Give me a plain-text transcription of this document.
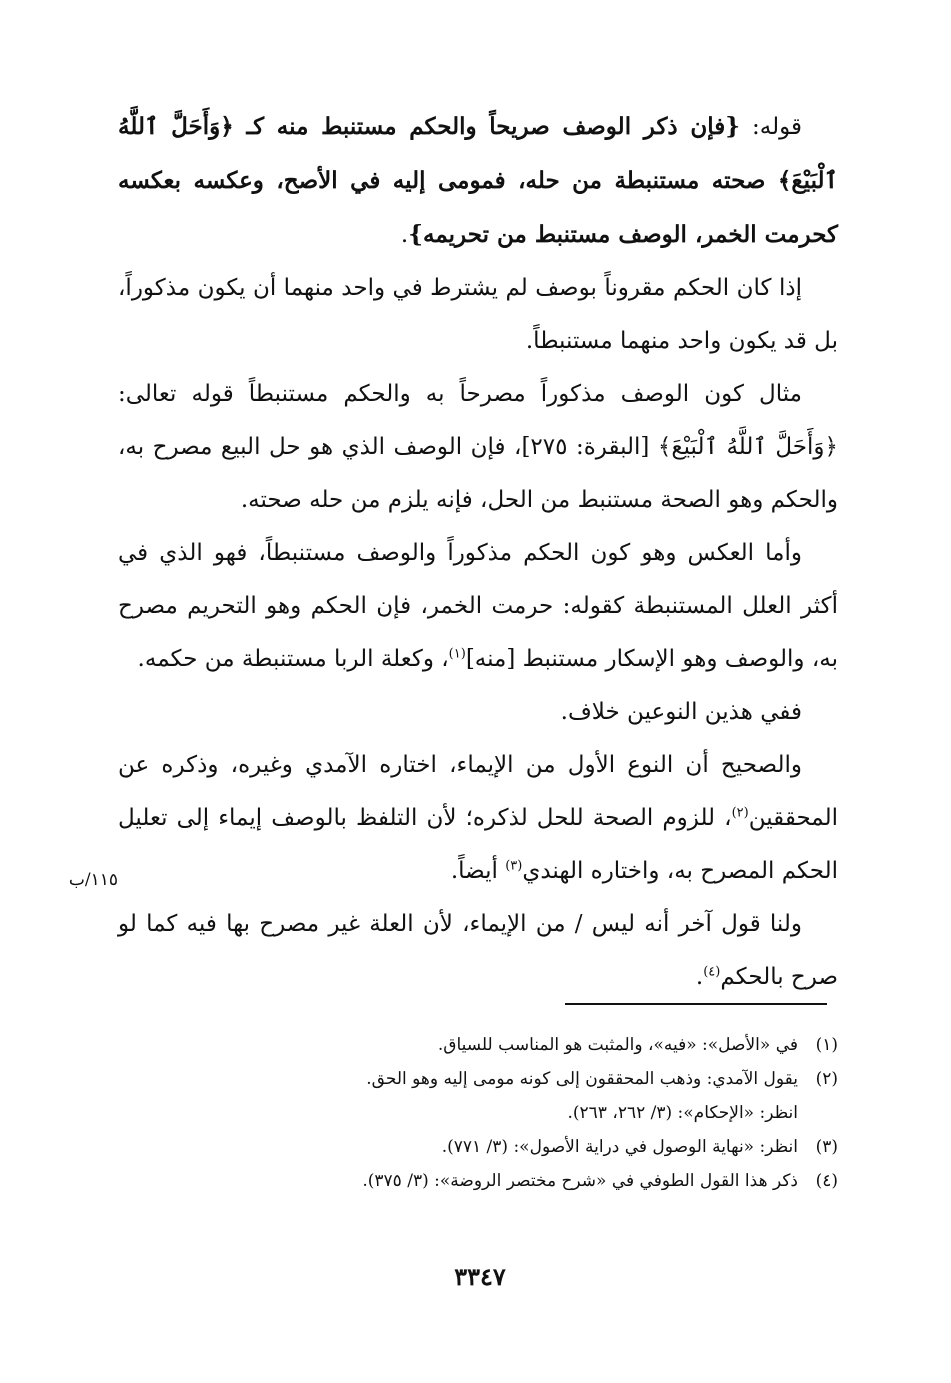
قوله: {فإن ذكر الوصف صريحاً والحكم مستنبط منه كـ ﴿وَأَحَلَّ ٱللَّهُ ٱلْبَيْعَ﴾ صحته مستنبطة من حله، فمومى إليه في الأصح، وعكسه بعكسه كحرمت الخمر، الوصف مستنبط من تحريمه}.

إذا كان الحكم مقروناً بوصف لم يشترط في واحد منهما أن يكون مذكوراً، بل قد يكون واحد منهما مستنبطاً.

مثال كون الوصف مذكوراً مصرحاً به والحكم مستنبطاً قوله تعالى: ﴿وَأَحَلَّ ٱللَّهُ ٱلْبَيْعَ﴾ [البقرة: ٢٧٥]، فإن الوصف الذي هو حل البيع مصرح به، والحكم وهو الصحة مستنبط من الحل، فإنه يلزم من حله صحته.

وأما العكس وهو كون الحكم مذكوراً والوصف مستنبطاً، فهو الذي في أكثر العلل المستنبطة كقوله: حرمت الخمر، فإن الحكم وهو التحريم مصرح به، والوصف وهو الإسكار مستنبط [منه]$^{(١)}$، وكعلة الربا مستنبطة من حكمه.

ففي هذين النوعين خلاف.

والصحيح أن النوع الأول من الإيماء، اختاره الآمدي وغيره، وذكره عن المحققين$^{(٢)}$، للزوم الصحة للحل لذكره؛ لأن التلفظ بالوصف إيماء إلى تعليل الحكم المصرح به، واختاره الهندي$^{(٣)}$ أيضاً.

ولنا قول آخر أنه ليس / من الإيماء، لأن العلة غير مصرح بها فيه كما لو صرح بالحكم$^{(٤)}$.

١١٥/ب
(١)
في «الأصل»: «فيه»، والمثبت هو المناسب للسياق.
(٢)
يقول الآمدي: وذهب المحققون إلى كونه مومى إليه وهو الحق.
انظر: «الإحكام»: (٣/ ٢٦٢، ٢٦٣).
(٣)
انظر: «نهاية الوصول في دراية الأصول»: (٣/ ٧٧١).
(٤)
ذكر هذا القول الطوفي في «شرح مختصر الروضة»: (٣/ ٣٧٥).
٣٣٤٧
